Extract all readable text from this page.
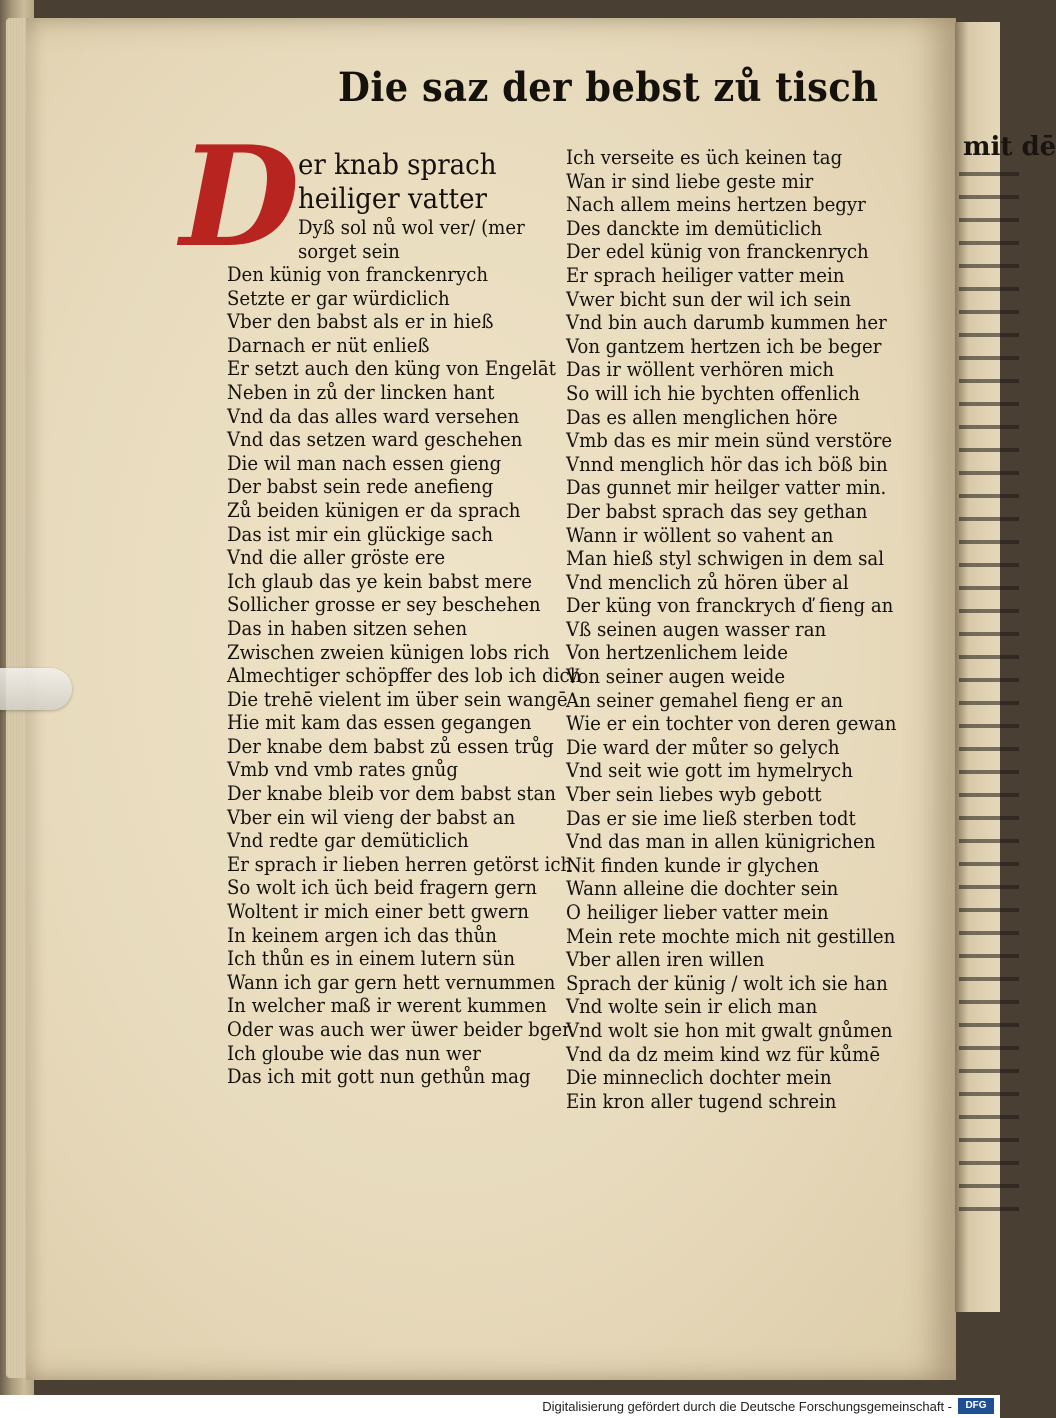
mit dē
Die saz der bebst zů tisch
D
er knab sprach
heiliger vatter
Dyß sol nů wol ver/ (mer
sorget sein
Den künig von franckenrych
Setzte er gar würdiclich
Vber den babst als er in hieß
Darnach er nüt enließ
Er setzt auch den küng von Engelāt
Neben in zů der lincken hant
Vnd da das alles ward versehen
Vnd das setzen ward geschehen
Die wil man nach essen gieng
Der babst sein rede anefieng
Zů beiden künigen er da sprach
Das ist mir ein glückige sach
Vnd die aller gröste ere
Ich glaub das ye kein babst mere
Sollicher grosse er sey beschehen
Das in haben sitzen sehen
Zwischen zweien künigen lobs rich
Almechtiger schöpffer des lob ich dich
Die trehē vielent im über sein wangē
Hie mit kam das essen gegangen
Der knabe dem babst zů essen trůg
Vmb vnd vmb rates gnůg
Der knabe bleib vor dem babst stan
Vber ein wil vieng der babst an
Vnd redte gar demüticlich
Er sprach ir lieben herren getörst ich
So wolt ich üch beid fragern gern
Woltent ir mich einer bett gwern
In keinem argen ich das thůn
Ich thůn es in einem lutern sün
Wann ich gar gern hett vernummen
In welcher maß ir werent kummen
Oder was auch wer üwer beider bger
Ich gloube wie das nun wer
Das ich mit gott nun gethůn mag
Ich verseite es üch keinen tag
Wan ir sind liebe geste mir
Nach allem meins hertzen begyr
Des danckte im demüticlich
Der edel künig von franckenrych
Er sprach heiliger vatter mein
Vwer bicht sun der wil ich sein
Vnd bin auch darumb kummen her
Von gantzem hertzen ich be beger
Das ir wöllent verhören mich
So will ich hie bychten offenlich
Das es allen menglichen höre
Vmb das es mir mein sünd verstöre
Vnnd menglich hör das ich böß bin
Das gunnet mir heilger vatter min.
Der babst sprach das sey gethan
Wann ir wöllent so vahent an
Man hieß styl schwigen in dem sal
Vnd menclich zů hören über al
Der küng von franckrych ď fieng an
Vß seinen augen wasser ran
Von hertzenlichem leide
Von seiner augen weide
An seiner gemahel fieng er an
Wie er ein tochter von deren gewan
Die ward der můter so gelych
Vnd seit wie gott im hymelrych
Vber sein liebes wyb gebott
Das er sie ime ließ sterben todt
Vnd das man in allen künigrichen
Nit finden kunde ir glychen
Wann alleine die dochter sein
O heiliger lieber vatter mein
Mein rete mochte mich nit gestillen
Vber allen iren willen
Sprach der künig / wolt ich sie han
Vnd wolte sein ir elich man
Vnd wolt sie hon mit gwalt gnůmen
Vnd da dz meim kind wz für kůmē
Die minneclich dochter mein
Ein kron aller tugend schrein
Digitalisierung gefördert durch die Deutsche Forschungsgemeinschaft -	DFG
